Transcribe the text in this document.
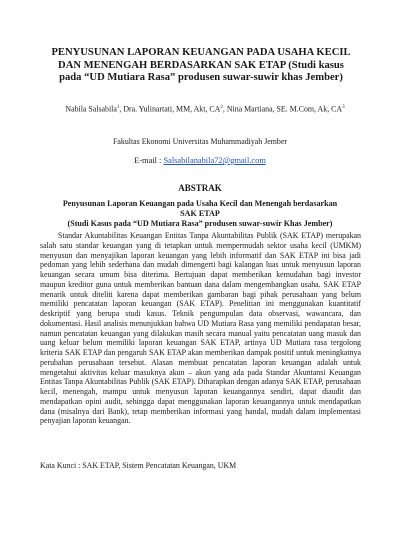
PENYUSUNAN LAPORAN KEUANGAN PADA USAHA KECIL DAN MENENGAH BERDASARKAN SAK ETAP (Studi kasus pada “UD Mutiara Rasa” produsen suwar-suwir khas Jember)
Nabila Salsabila$^1$, Dra. Yulinartati, MM, Akt, $CA^2$, Nina Martiana, SE. M.Com, Ak, $CA^3$
Fakultas Ekonomi Universitas Muhammadiyah Jember
E-mail : Salsabilanabila72@gmail.com
ABSTRAK
Penyusunan Laporan Keuangan pada Usaha Kecil dan Menengah berdasarkan SAK ETAP
(Studi Kasus pada “UD Mutiara Rasa” produsen suwar-suwir Khas Jember)

Standar Akuntabilitas Keuangan Entitas Tanpa Akuntabilitas Publik (SAK ETAP) merupakan salah satu standar keuangan yang di tetapkan untuk mempermudah sektor usaha kecil (UMKM) menyusun dan menyajikan laporan keuangan yang lebih informatif dan SAK ETAP ini bisa jadi pedoman yang lebih sederhana dan mudah dimengerti bagi kalangan luas untuk menyusun laporan keuangan secara umum bisa diterima. Bertujuan dapat memberikan kemudahan bagi investor maupun kreditor guna untuk memberikan bantuan dana dalam mengembangkan usaha. SAK ETAP menarik untuk diteliti karena dapat memberikan gambaran bagi pihak perusahaan yang belum memiliki pencatatan laporan keuangan (SAK ETAP). Penelitian ini menggunakan kuantitatif deskriptif yang berupa studi kasus. Teknik pengumpulan data observasi, wawancara, dan dokumentasi. Hasil analisis menunjukkan bahwa UD Mutiara Rasa yang memiliki pendapatan besar, namun pencatatan keuangan yang dilakukan masih secara manual yaitu pencatatan uang masuk dan uang keluar belum memiliki laporan keuangan SAK ETAP, artinya UD Mutiara rasa tergolong kriteria SAK ETAP dan pengaruh SAK ETAP akan memberikan dampak positif untuk meningkatnya perubahan perusahaan tersebut. Alasan membuat pencatatan laporan keuangan adalah untuk mengetahui aktivitas keluar masuknya akun – akun yang ada pada Standar Akuntansi Keuangan Entitas Tanpa Akuntabilitas Publik (SAK ETAP). Diharapkan dengan adanya SAK ETAP, perusahaan kecil, menengah, mampu untuk menyusun laporan keuangannya sendiri, dapat diaudit dan mendapatkan opini audit, sehingga dapat menggunakan laporan keuangannya untuk mendapatkan dana (misalnya dari Bank), tetap memberikan informasi yang handal, mudah dalam implementasi penyajian laporan keuangan.

Kata Kunci : SAK ETAP, Sistem Pencatatan Keuangan, UKM
